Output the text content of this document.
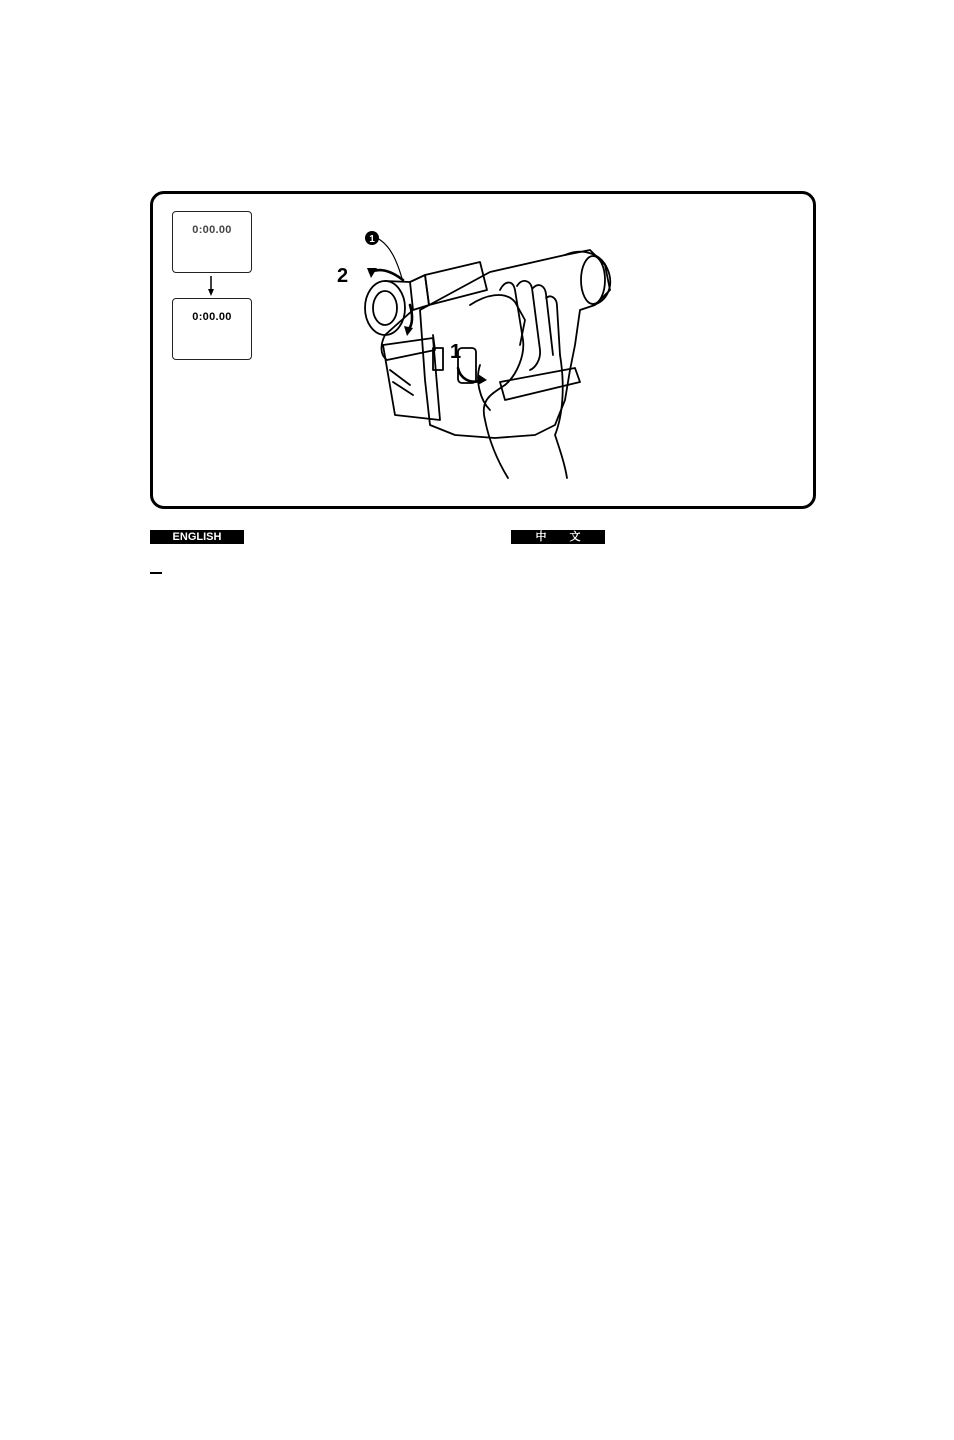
0:00.00
0:00.00
1
2
1
ENGLISH	中 文
